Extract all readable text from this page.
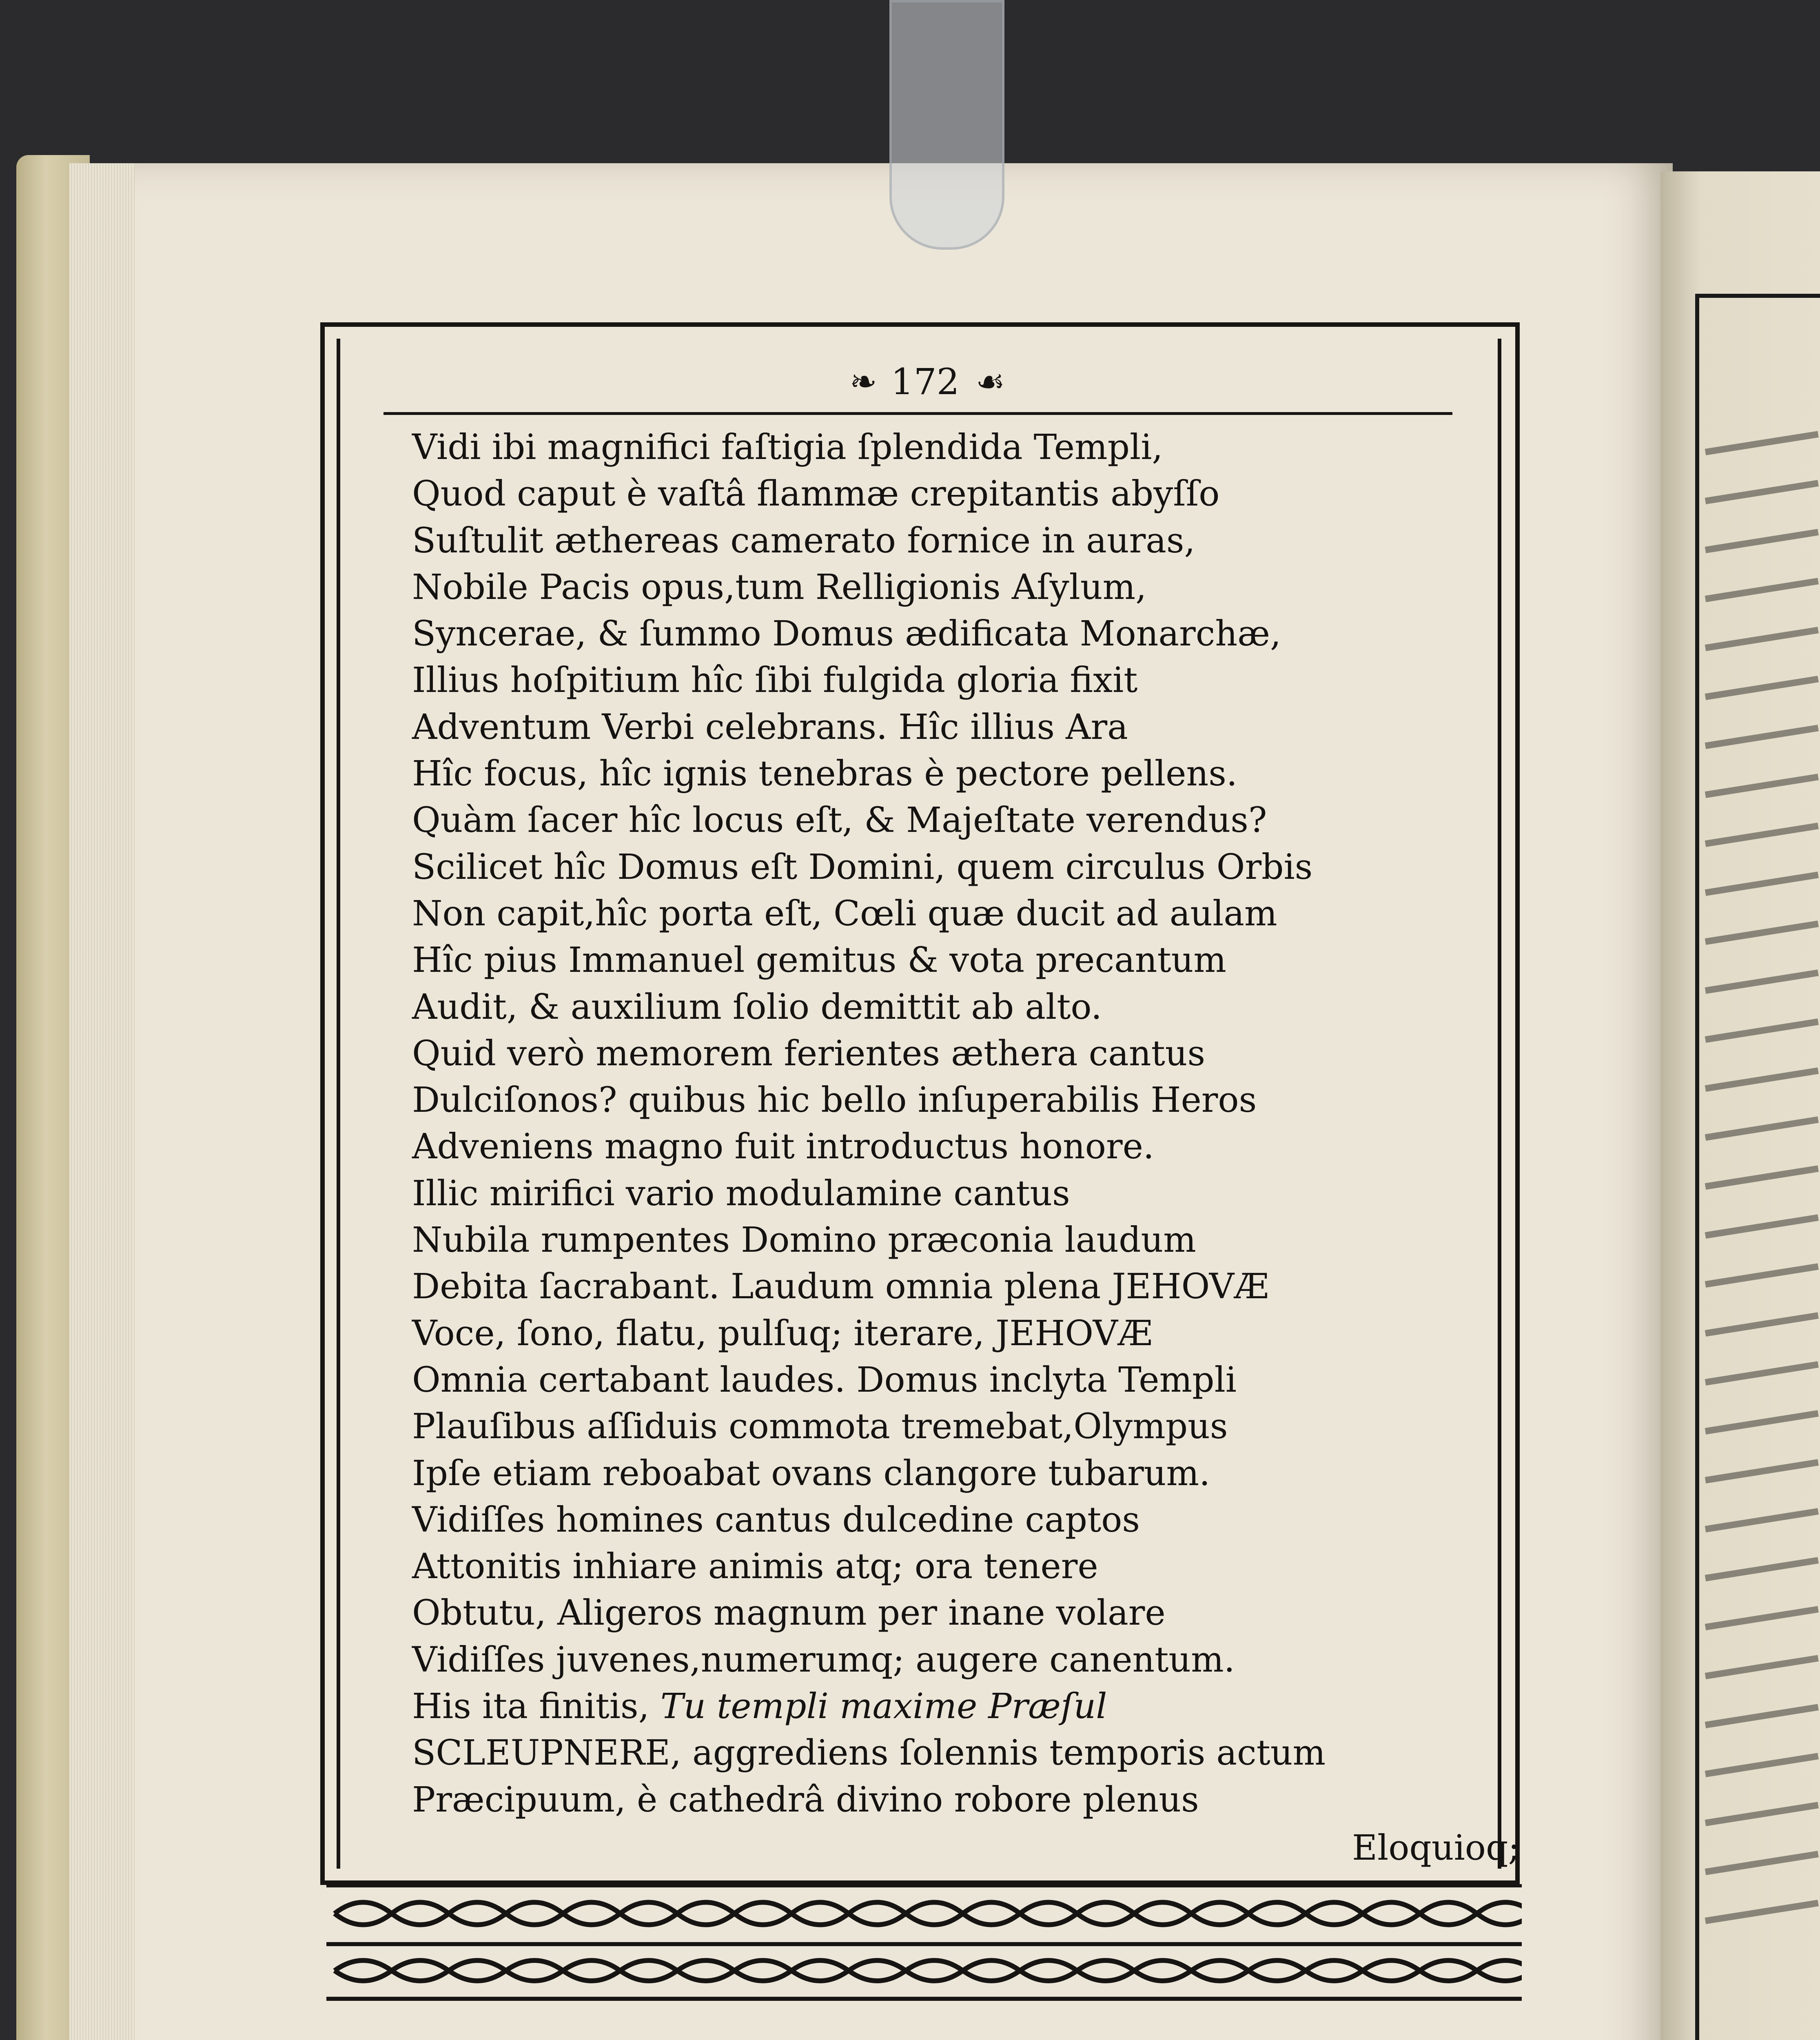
❧ 172 ☙
Vidi ibi magnifici faſtigia ſplendida Templi,
Quod caput è vaſtâ flammæ crepitantis abyſſo
Suſtulit æthereas camerato fornice in auras,
Nobile Pacis opus,tum Relligionis Aſylum,
Syncerae, & ſummo Domus ædificata Monarchæ,
Illius hoſpitium hîc ſibi fulgida gloria fixit
Adventum Verbi celebrans. Hîc illius Ara
Hîc focus, hîc ignis tenebras è pectore pellens.
Quàm ſacer hîc locus eſt, & Majeſtate verendus?
Scilicet hîc Domus eſt Domini, quem circulus Orbis
Non capit,hîc porta eſt, Cœli quæ ducit ad aulam
Hîc pius Immanuel gemitus & vota precantum
Audit, & auxilium ſolio demittit ab alto.
Quid verò memorem ferientes æthera cantus
Dulciſonos? quibus hic bello inſuperabilis Heros
Adveniens magno fuit introductus honore.
Illic mirifici vario modulamine cantus
Nubila rumpentes Domino præconia laudum
Debita ſacrabant. Laudum omnia plena JEHOVÆ
Voce, ſono, flatu, pulſuq; iterare, JEHOVÆ
Omnia certabant laudes. Domus inclyta Templi
Plauſibus aſſiduis commota tremebat,Olympus
Ipſe etiam reboabat ovans clangore tubarum.
Vidiſſes homines cantus dulcedine captos
Attonitis inhiare animis atq; ora tenere
Obtutu, Aligeros magnum per inane volare
Vidiſſes juvenes,numerumq; augere canentum.
His ita finitis, Tu templi maxime Præſul
SCLEUPNERE, aggrediens ſolennis temporis actum
Præcipuum, è cathedrâ divino robore plenus
Eloquioq;
